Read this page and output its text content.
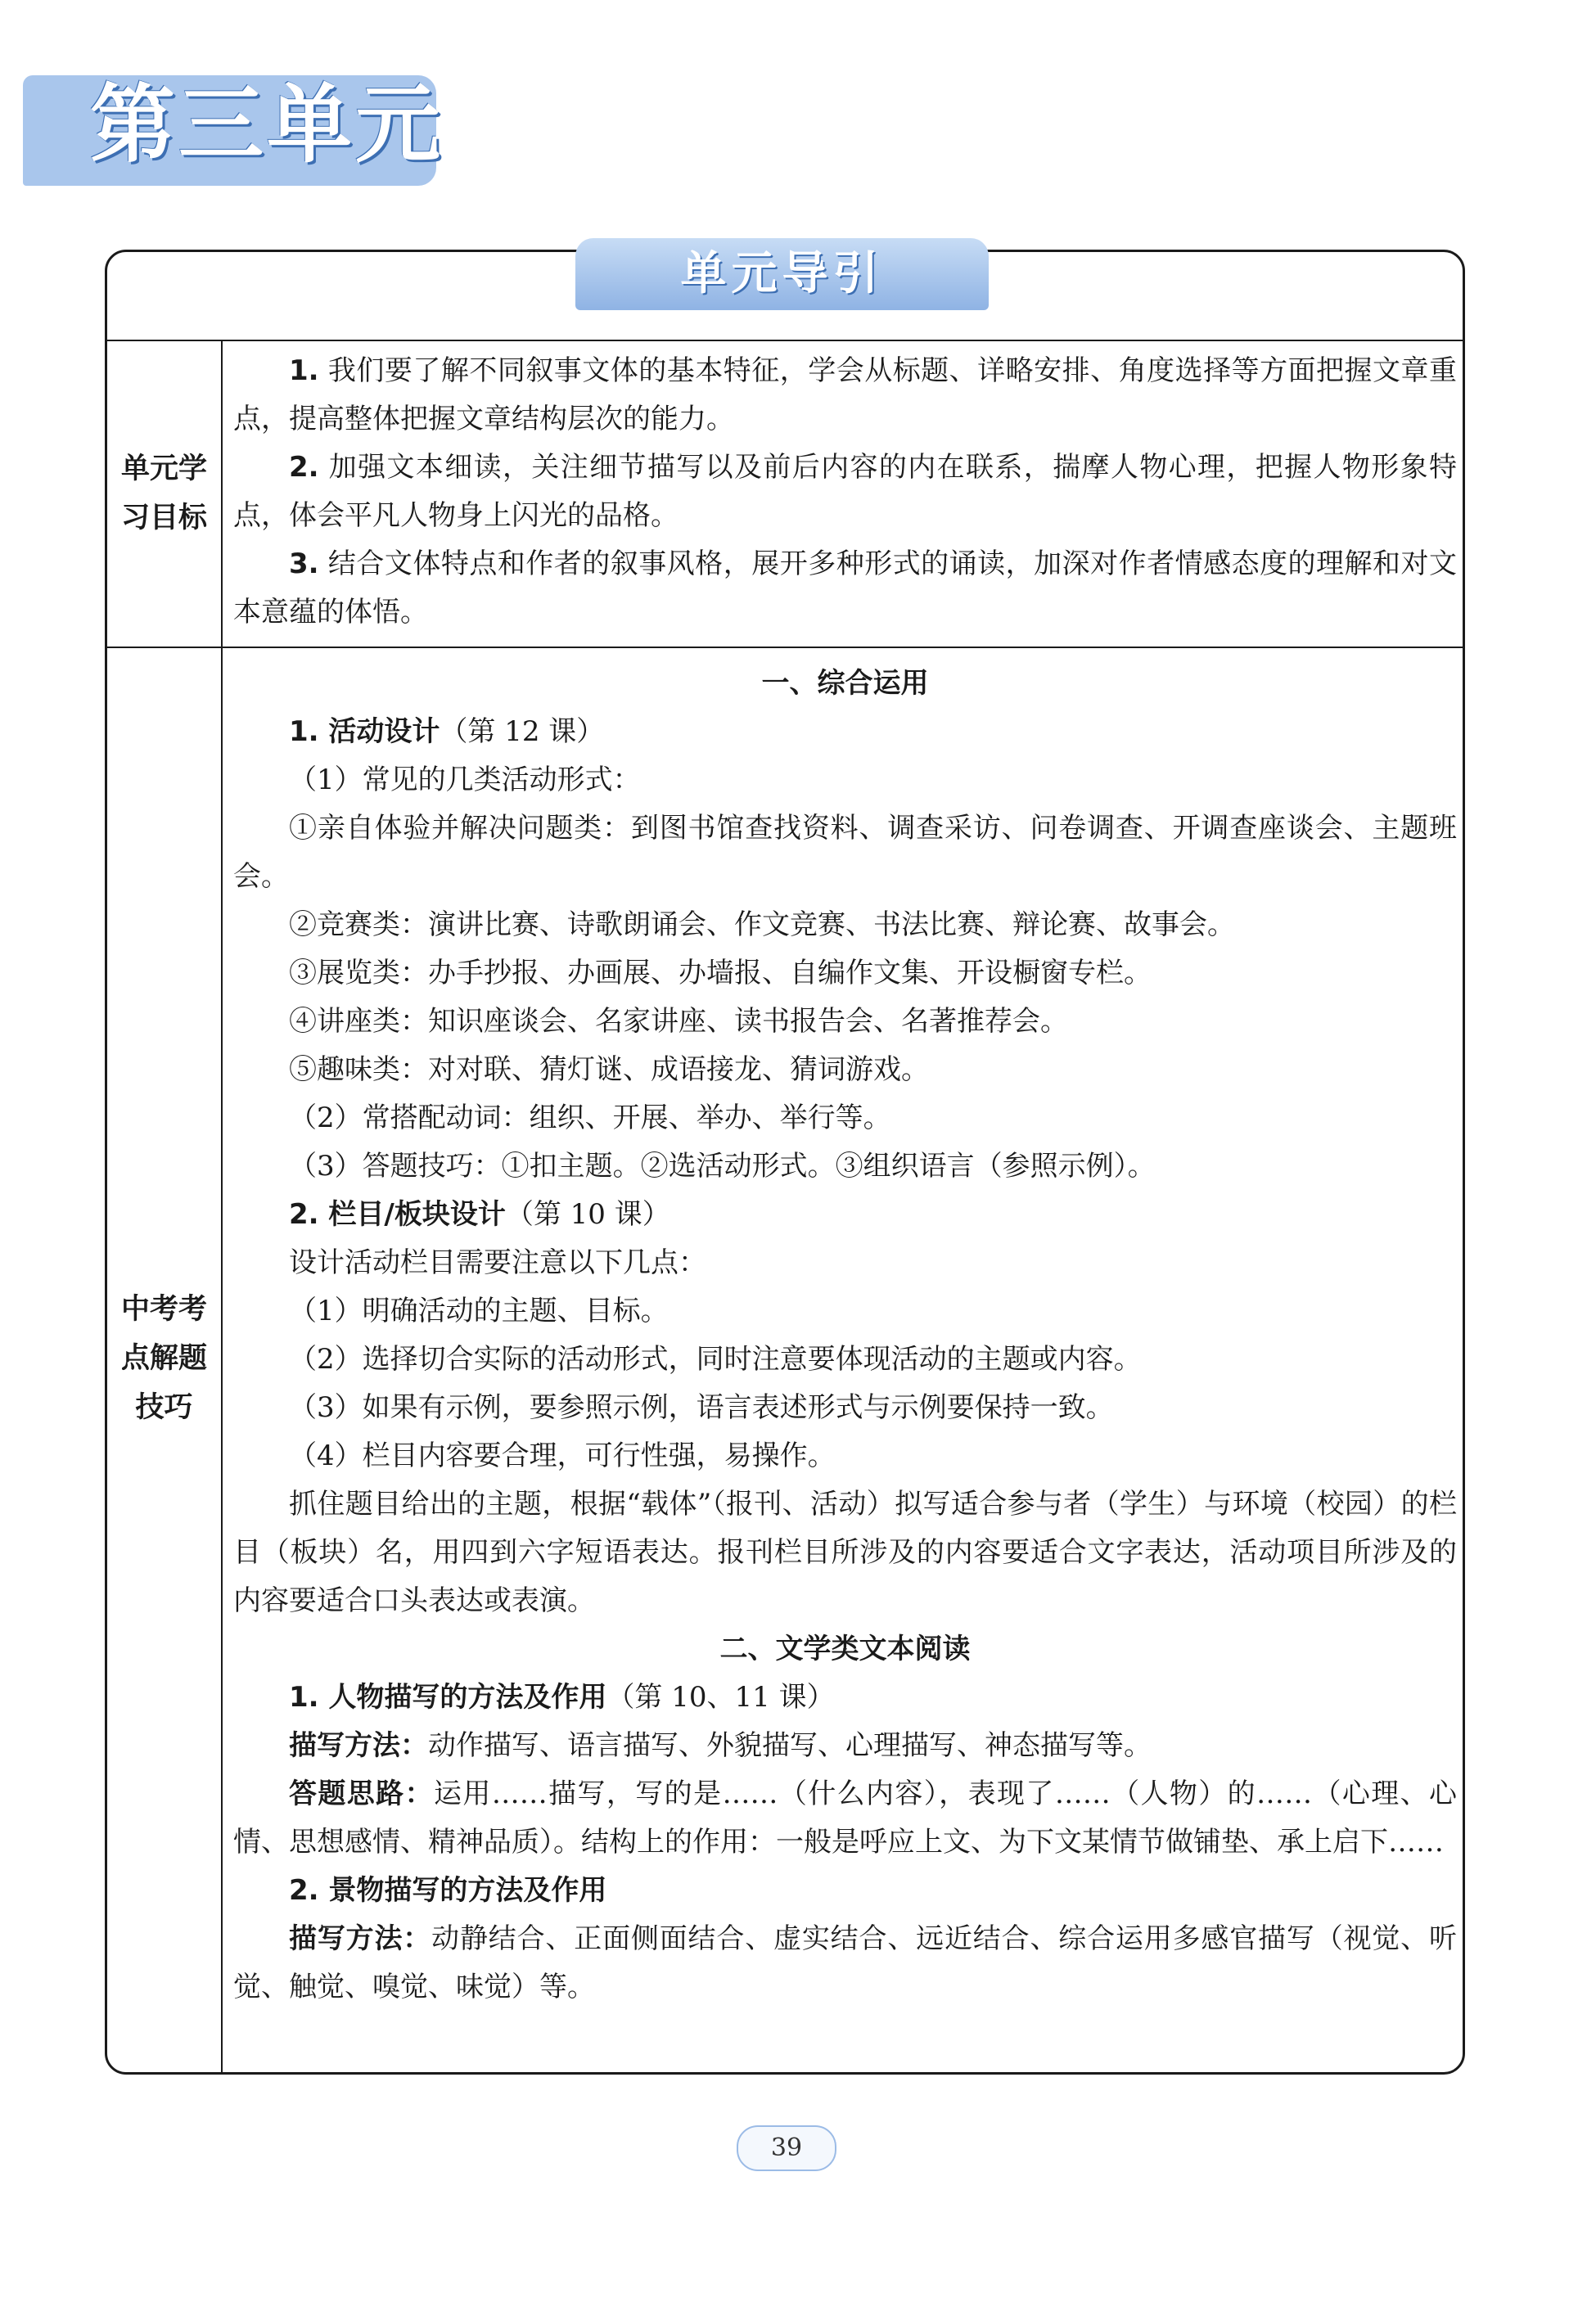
第三单元
单元导引
单元学
习目标

1. 我们要了解不同叙事文体的基本特征，学会从标题、详略安排、角度选择等方面把握文章重点，提高整体把握文章结构层次的能力。

2. 加强文本细读，关注细节描写以及前后内容的内在联系，揣摩人物心理，把握人物形象特点，体会平凡人物身上闪光的品格。

3. 结合文体特点和作者的叙事风格，展开多种形式的诵读，加深对作者情感态度的理解和对文本意蕴的体悟。

中考考
点解题
技巧

一、综合运用

1. 活动设计（第 12 课）

（1）常见的几类活动形式：

①亲自体验并解决问题类：到图书馆查找资料、调查采访、问卷调查、开调查座谈会、主题班会。

②竞赛类：演讲比赛、诗歌朗诵会、作文竞赛、书法比赛、辩论赛、故事会。

③展览类：办手抄报、办画展、办墙报、自编作文集、开设橱窗专栏。

④讲座类：知识座谈会、名家讲座、读书报告会、名著推荐会。

⑤趣味类：对对联、猜灯谜、成语接龙、猜词游戏。

（2）常搭配动词：组织、开展、举办、举行等。

（3）答题技巧：①扣主题。②选活动形式。③组织语言（参照示例）。

2. 栏目/板块设计（第 10 课）

设计活动栏目需要注意以下几点：

（1）明确活动的主题、目标。

（2）选择切合实际的活动形式，同时注意要体现活动的主题或内容。

（3）如果有示例，要参照示例，语言表述形式与示例要保持一致。

（4）栏目内容要合理，可行性强，易操作。

抓住题目给出的主题，根据“载体”（报刊、活动）拟写适合参与者（学生）与环境（校园）的栏目（板块）名，用四到六字短语表达。报刊栏目所涉及的内容要适合文字表达，活动项目所涉及的内容要适合口头表达或表演。

二、文学类文本阅读

1. 人物描写的方法及作用（第 10、11 课）

描写方法：动作描写、语言描写、外貌描写、心理描写、神态描写等。

答题思路：运用……描写，写的是……（什么内容），表现了……（人物）的……（心理、心情、思想感情、精神品质）。结构上的作用：一般是呼应上文、为下文某情节做铺垫、承上启下……

2. 景物描写的方法及作用

描写方法：动静结合、正面侧面结合、虚实结合、远近结合、综合运用多感官描写（视觉、听觉、触觉、嗅觉、味觉）等。

39
